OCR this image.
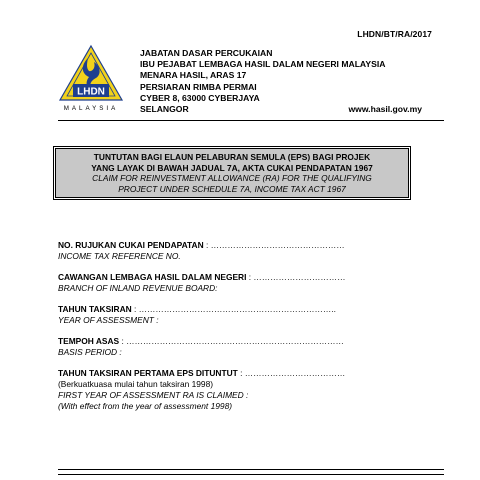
LHDN/BT/RA/2017
LHDN
MALAYSIA
JABATAN DASAR PERCUKAIAN
IBU PEJABAT LEMBAGA HASIL DALAM NEGERI MALAYSIA
MENARA HASIL, ARAS 17
PERSIARAN RIMBA PERMAI
CYBER 8, 63000 CYBERJAYA
SELANGOR	www.hasil.gov.my
TUNTUTAN BAGI ELAUN PELABURAN SEMULA (EPS) BAGI PROJEK
YANG LAYAK DI BAWAH JADUAL 7A, AKTA CUKAI PENDAPATAN 1967
CLAIM FOR REINVESTMENT ALLOWANCE (RA) FOR THE QUALIFYING
PROJECT UNDER SCHEDULE 7A, INCOME TAX ACT 1967
NO. RUJUKAN CUKAI PENDAPATAN : …………………………………………
INCOME TAX REFERENCE NO.
CAWANGAN LEMBAGA HASIL DALAM NEGERI : ……………………………
BRANCH OF INLAND REVENUE BOARD:
TAHUN TAKSIRAN : ……………………………………………………………..
YEAR OF ASSESSMENT :
TEMPOH ASAS : ……………………………………………………………………
BASIS PERIOD :
TAHUN TAKSIRAN PERTAMA EPS DITUNTUT : ………………………………
(Berkuatkuasa mulai tahun taksiran 1998)
FIRST YEAR OF ASSESSMENT RA IS CLAIMED :
(With effect from the year of assessment 1998)
